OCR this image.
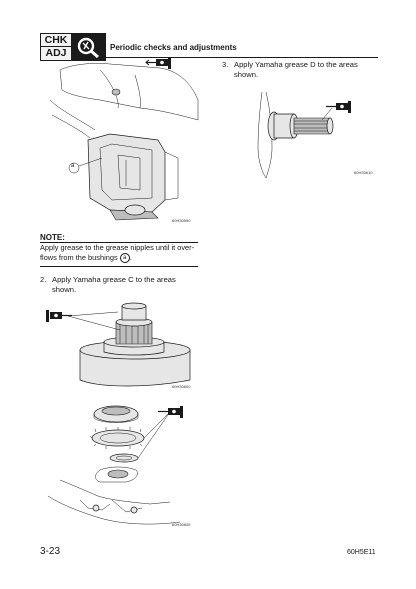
CHK
ADJ	Periodic checks and adjustments
a
60H30590
NOTE:
Apply grease to the grease nipples until it over-
flows from the bushings a .
2. Apply Yamaha grease C to the areas
shown.
60H30600
60H30605
3. Apply Yamaha grease D to the areas
shown.
60H30610
3-23	60H5E11
